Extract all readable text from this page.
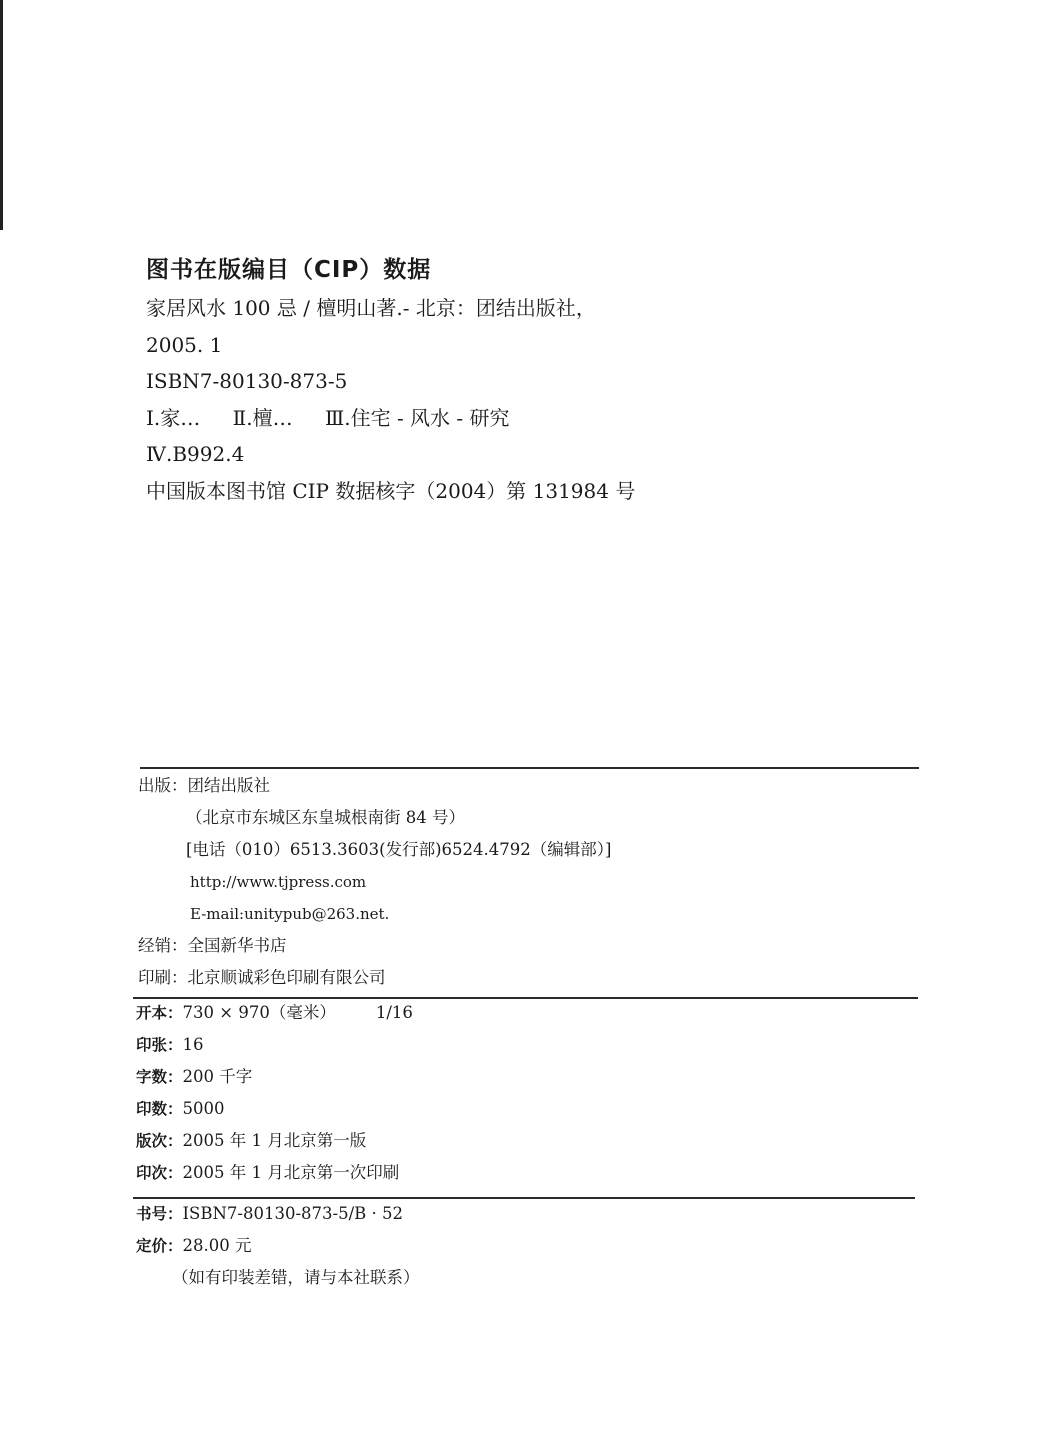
图书在版编目（CIP）数据
家居风水 100 忌 / 檀明山著.- 北京：团结出版社，
2005. 1
ISBN7-80130-873-5
Ⅰ.家… Ⅱ.檀… Ⅲ.住宅 - 风水 - 研究
Ⅳ.B992.4
中国版本图书馆 CIP 数据核字（2004）第 131984 号
出版：团结出版社
（北京市东城区东皇城根南街 84 号）
[电话（010）6513.3603(发行部)6524.4792（编辑部）]
http://www.tjpress.com
E-mail:unitypub@263.net.
经销：全国新华书店
印刷：北京顺诚彩色印刷有限公司
开本：730 × 970（毫米） 1/16
印张：16
字数：200 千字
印数：5000
版次：2005 年 1 月北京第一版
印次：2005 年 1 月北京第一次印刷
书号：ISBN7-80130-873-5/B · 52
定价：28.00 元
（如有印装差错，请与本社联系）
